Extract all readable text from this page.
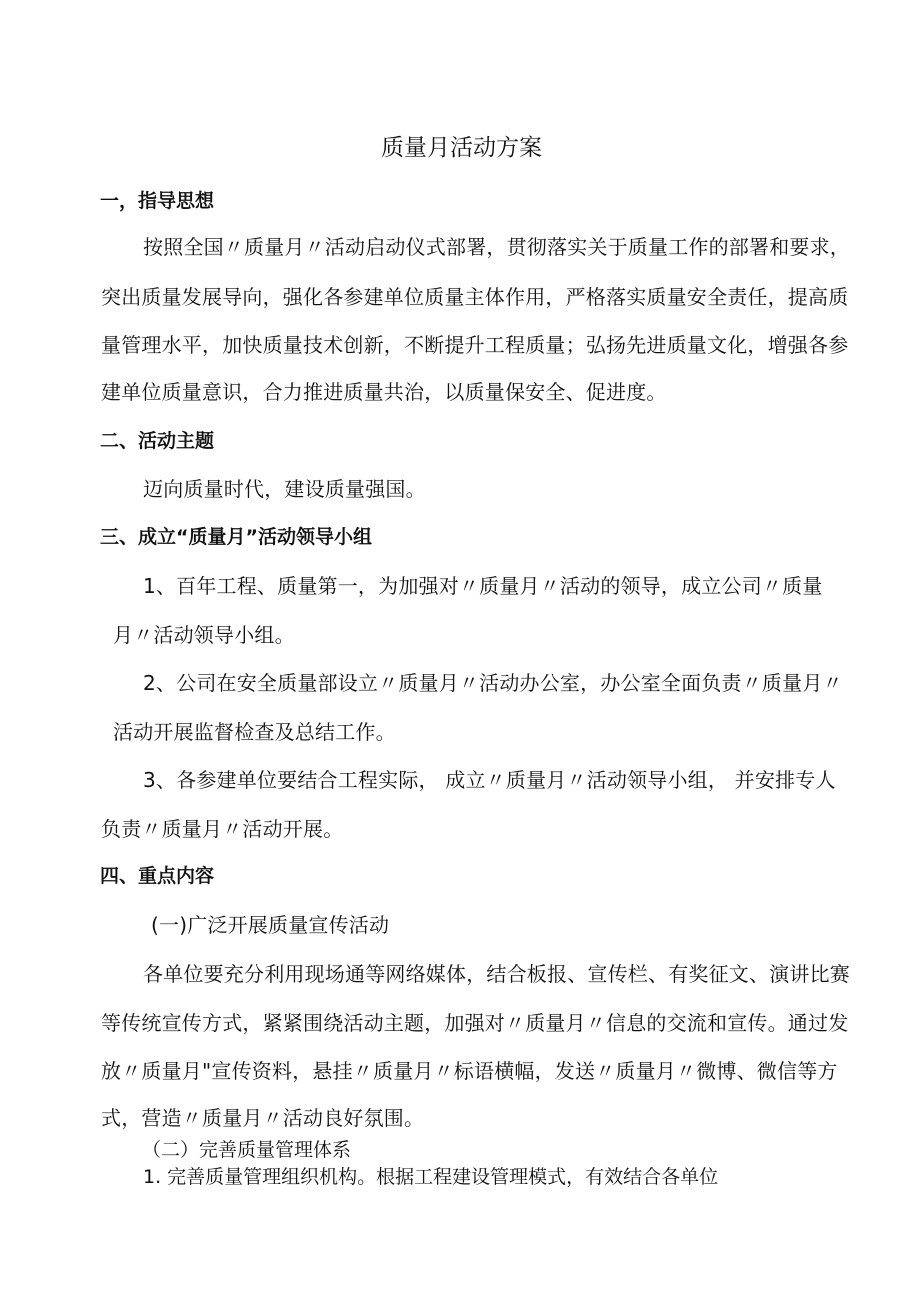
质量月活动方案
一，指导思想
按照全国〃质量月〃活动启动仪式部署，贯彻落实关于质量工作的部署和要求，
突出质量发展导向，强化各参建单位质量主体作用，严格落实质量安全责任，提高质
量管理水平，加快质量技术创新，不断提升工程质量；弘扬先进质量文化，增强各参
建单位质量意识，合力推进质量共治，以质量保安全、促进度。
二、活动主题
迈向质量时代，建设质量强国。
三、成立“质量月”活动领导小组
1、百年工程、质量第一，为加强对〃质量月〃活动的领导，成立公司〃质量
月〃活动领导小组。
2、公司在安全质量部设立〃质量月〃活动办公室，办公室全面负责〃质量月〃
活动开展监督检查及总结工作。
3、各参建单位要结合工程实际， 成立〃质量月〃活动领导小组， 并安排专人
负责〃质量月〃活动开展。
四、重点内容
(一)广泛开展质量宣传活动
各单位要充分利用现场通等网络媒体，结合板报、宣传栏、有奖征文、演讲比赛
等传统宣传方式，紧紧围绕活动主题，加强对〃质量月〃信息的交流和宣传。通过发
放〃质量月"宣传资料，悬挂〃质量月〃标语横幅，发送〃质量月〃微博、微信等方
式，营造〃质量月〃活动良好氛围。
（二）完善质量管理体系
1. 完善质量管理组织机构。根据工程建设管理模式，有效结合各单位
